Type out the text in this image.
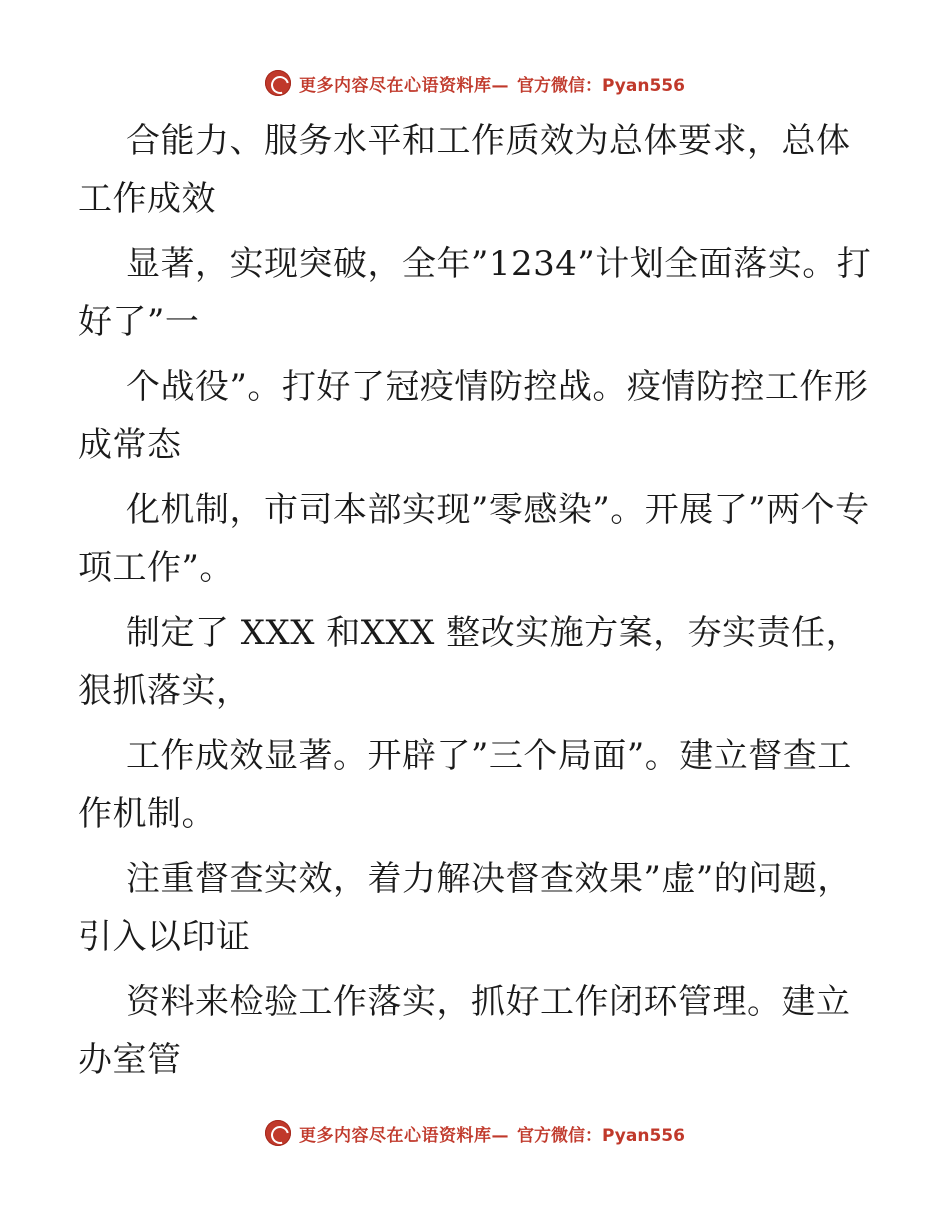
更多内容尽在心语资料库— 官方微信：Pyan556

合能力、服务水平和工作质效为总体要求，总体工作成效

显著，实现突破，全年”1234”计划全面落实。打好了”一

个战役”。打好了冠疫情防控战。疫情防控工作形成常态

化机制，市司本部实现”零感染”。开展了”两个专项工作”。

制定了 XXX 和XXX 整改实施方案，夯实责任，狠抓落实，

工作成效显著。开辟了”三个局面”。建立督查工作机制。

注重督查实效，着力解决督查效果”虚”的问题，引入以印证

资料来检验工作落实，抓好工作闭环管理。建立办室管

更多内容尽在心语资料库— 官方微信：Pyan556
